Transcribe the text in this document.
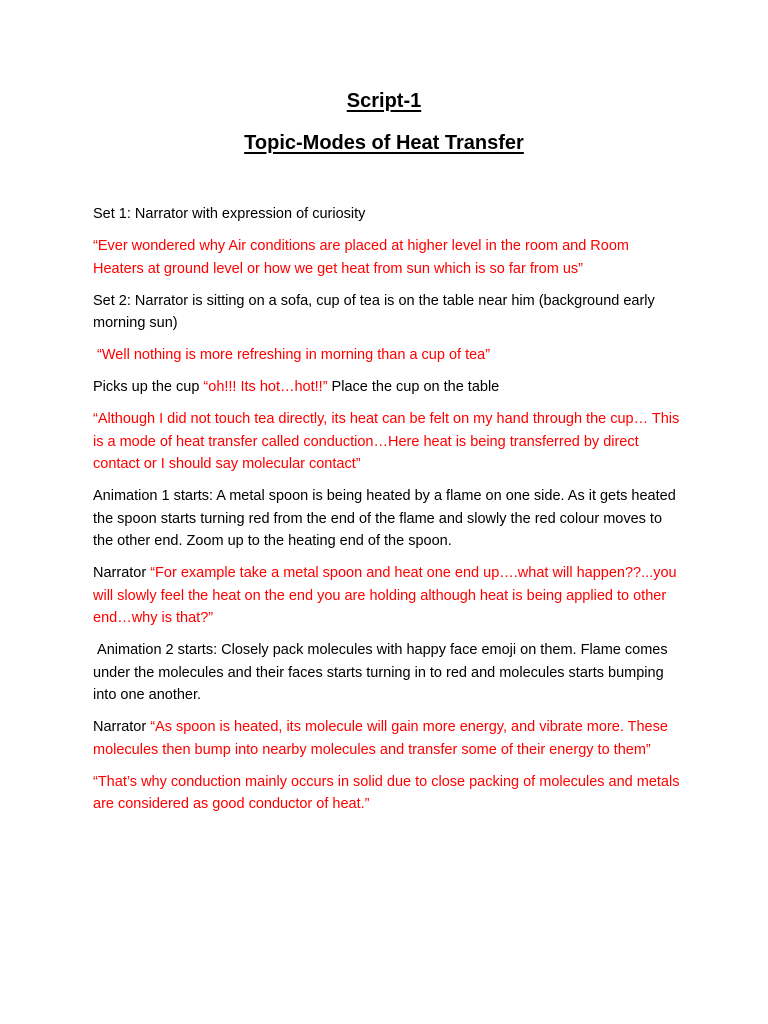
Script-1
Topic-Modes of Heat Transfer

Set 1: Narrator with expression of curiosity

“Ever wondered why Air conditions are placed at higher level in the room and Room Heaters at ground level or how we get heat from sun which is so far from us”

Set 2: Narrator is sitting on a sofa, cup of tea is on the table near him (background early morning sun)

“Well nothing is more refreshing in morning than a cup of tea”

Picks up the cup “oh!!! Its hot…hot!!” Place the cup on the table

“Although I did not touch tea directly, its heat can be felt on my hand through the cup… This is a mode of heat transfer called conduction…Here heat is being transferred by direct contact or I should say molecular contact”

Animation 1 starts: A metal spoon is being heated by a flame on one side. As it gets heated the spoon starts turning red from the end of the flame and slowly the red colour moves to the other end. Zoom up to the heating end of the spoon.

Narrator “For example take a metal spoon and heat one end up….what will happen??...you will slowly feel the heat on the end you are holding although heat is being applied to other end…why is that?”

Animation 2 starts: Closely pack molecules with happy face emoji on them. Flame comes under the molecules and their faces starts turning in to red and molecules starts bumping into one another.

Narrator “As spoon is heated, its molecule will gain more energy, and vibrate more. These molecules then bump into nearby molecules and transfer some of their energy to them”

“That’s why conduction mainly occurs in solid due to close packing of molecules and metals are considered as good conductor of heat.”
